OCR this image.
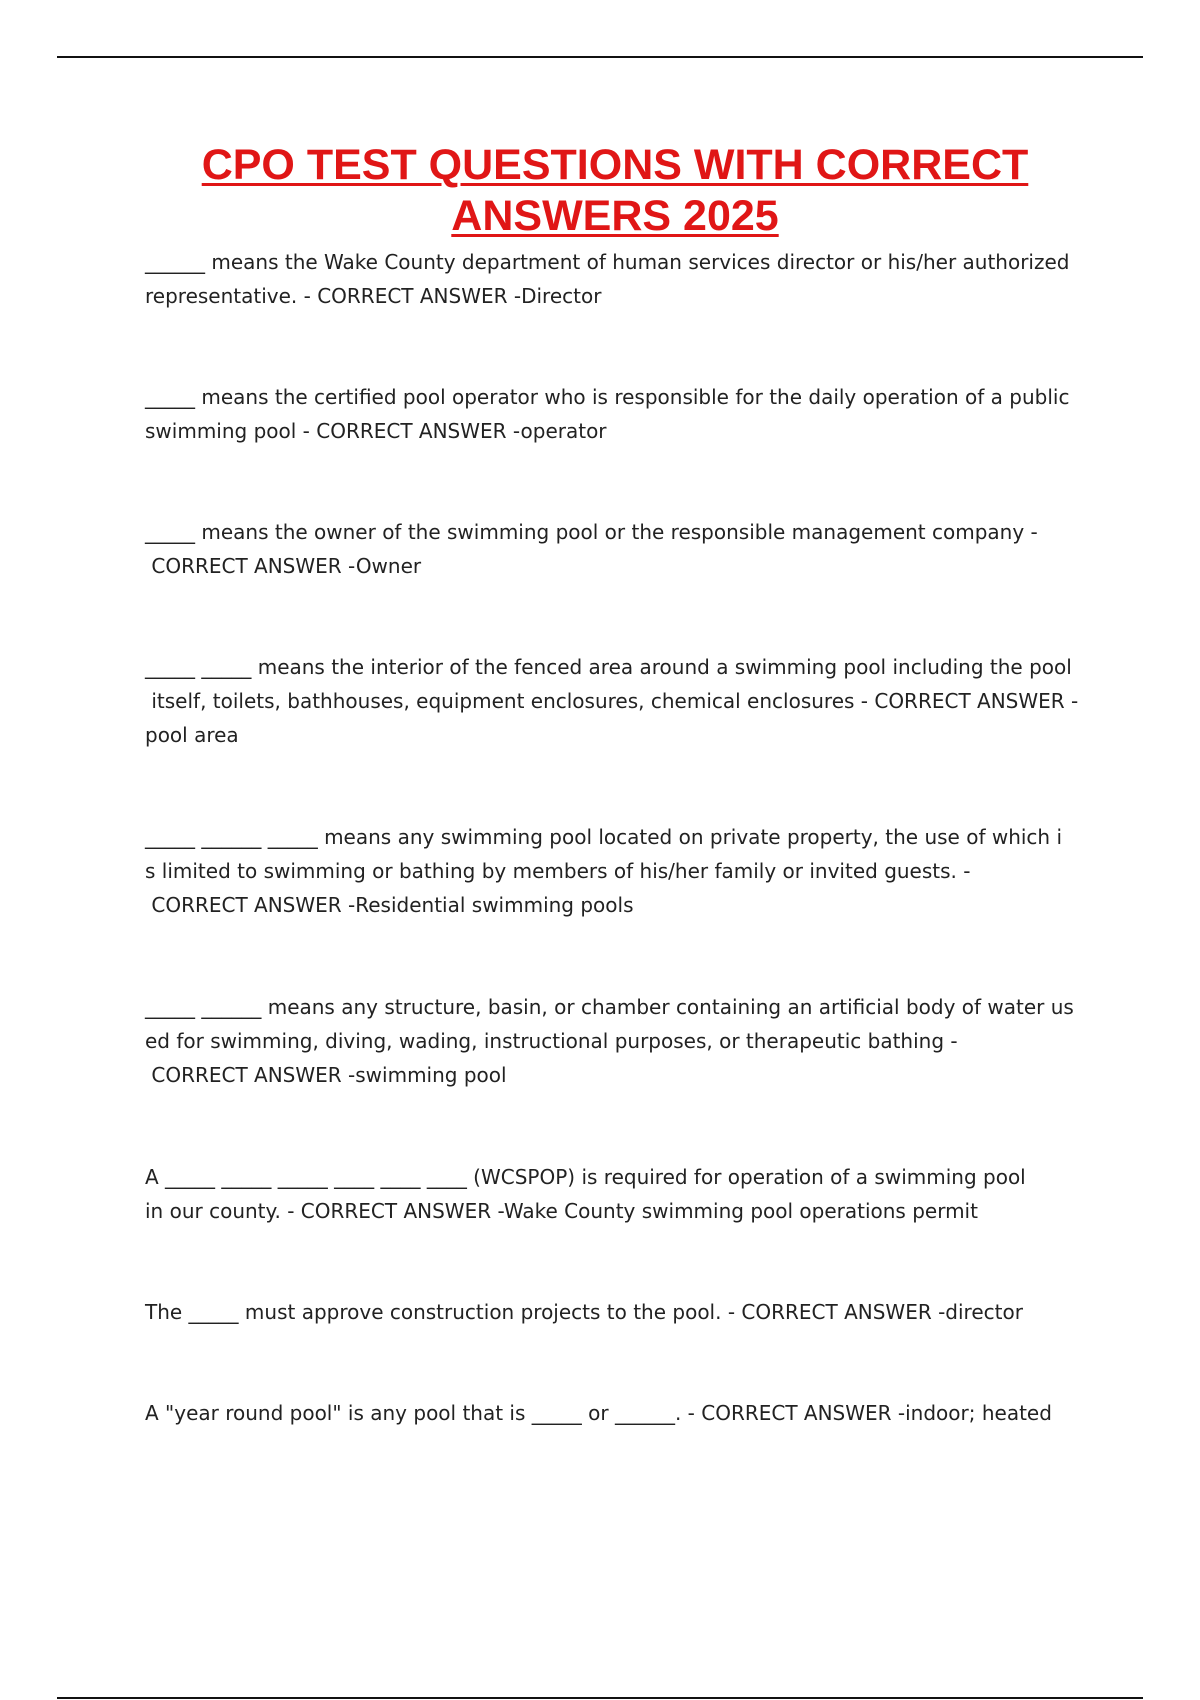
CPO TEST QUESTIONS WITH CORRECT ANSWERS 2025

______ means the Wake County department of human services director or his/her authorized
representative. - CORRECT ANSWER -Director

_____ means the certified pool operator who is responsible for the daily operation of a public
swimming pool - CORRECT ANSWER -operator

_____ means the owner of the swimming pool or the responsible management company -
CORRECT ANSWER -Owner

_____ _____ means the interior of the fenced area around a swimming pool including the pool
itself, toilets, bathhouses, equipment enclosures, chemical enclosures - CORRECT ANSWER -
pool area

_____ ______ _____ means any swimming pool located on private property, the use of which i
s limited to swimming or bathing by members of his/her family or invited guests. -
CORRECT ANSWER -Residential swimming pools

_____ ______ means any structure, basin, or chamber containing an artificial body of water us
ed for swimming, diving, wading, instructional purposes, or therapeutic bathing -
CORRECT ANSWER -swimming pool

A _____ _____ _____ ____ ____ ____ (WCSPOP) is required for operation of a swimming pool
in our county. - CORRECT ANSWER -Wake County swimming pool operations permit

The _____ must approve construction projects to the pool. - CORRECT ANSWER -director

A "year round pool" is any pool that is _____ or ______. - CORRECT ANSWER -indoor; heated
